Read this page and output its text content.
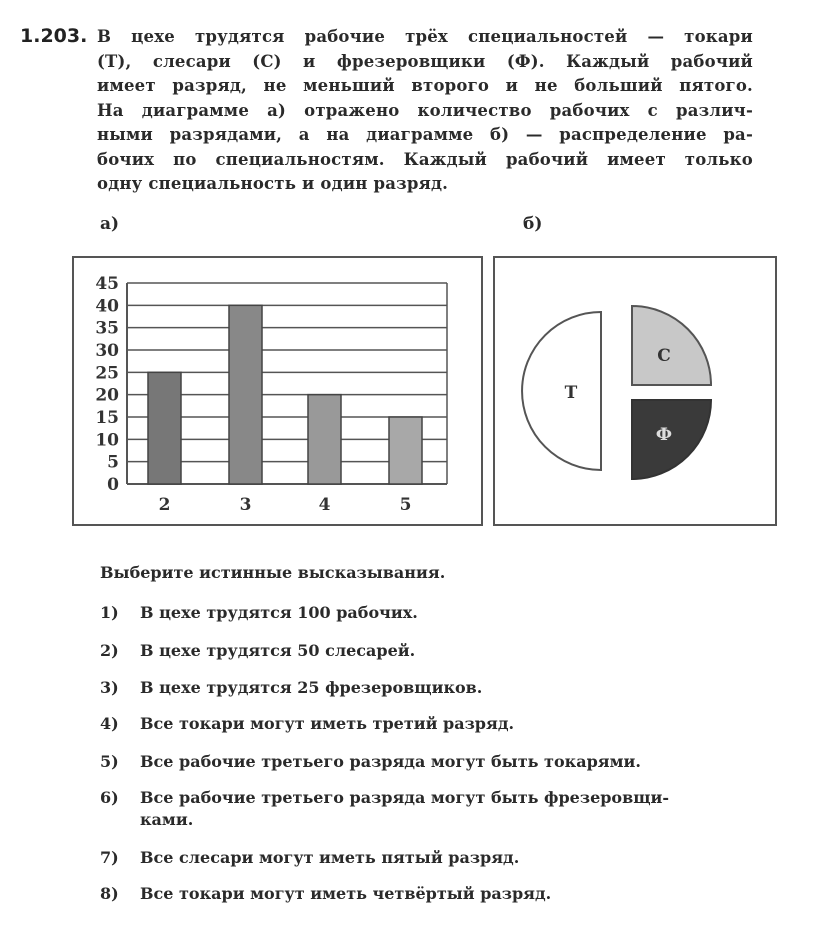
1.203. В цехе трудятся рабочие трёх специальностей — токари
(Т), слесари (С) и фрезеровщики (Ф). Каждый рабочий
имеет разряд, не меньший второго и не больший пятого.
На диаграмме а) отражено количество рабочих с различ-
ными разрядами, а на диаграмме б) — распределение ра-
бочих по специальностям. Каждый рабочий имеет только
одну специальность и один разряд.
а)	б)
0
5
10
15
20
25
30
35
40
45
2	3	4	5
Т
С
Ф
Выберите истинные высказывания.
1) В цехе трудятся 100 рабочих.
2) В цехе трудятся 50 слесарей.
3) В цехе трудятся 25 фрезеровщиков.
4) Все токари могут иметь третий разряд.
5) Все рабочие третьего разряда могут быть токарями.
6) Все рабочие третьего разряда могут быть фрезеровщи-
ками.
7) Все слесари могут иметь пятый разряд.
8) Все токари могут иметь четвёртый разряд.
